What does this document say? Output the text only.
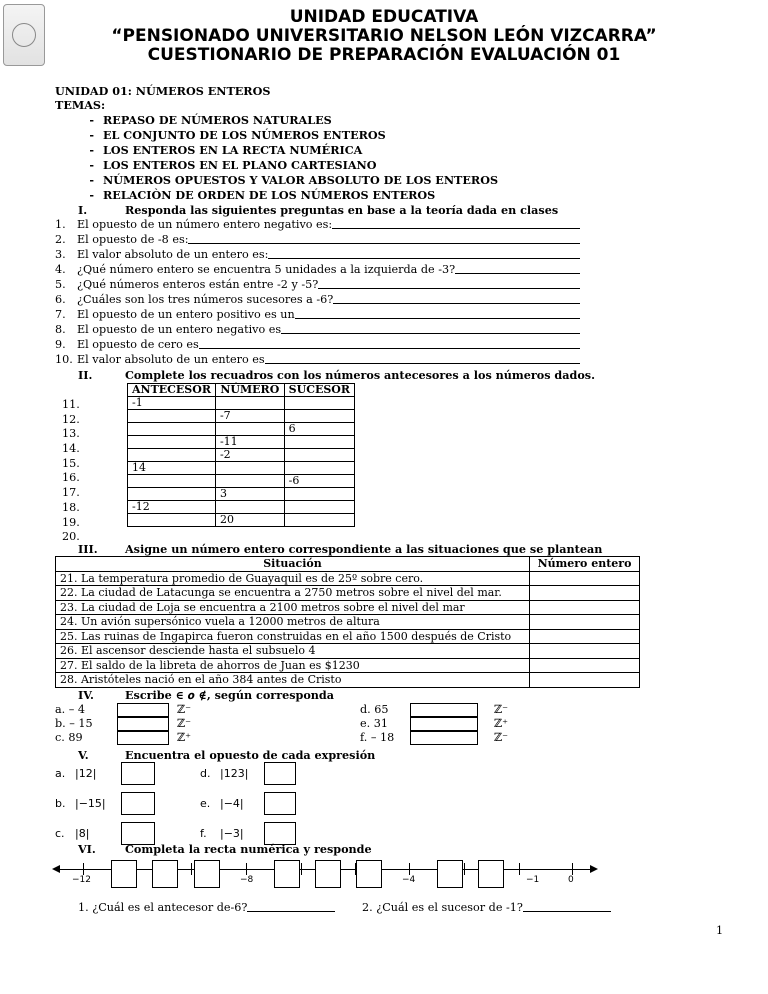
UNIDAD EDUCATIVA
“PENSIONADO UNIVERSITARIO NELSON LEÓN VIZCARRA”
CUESTIONARIO DE PREPARACIÓN EVALUACIÓN 01
UNIDAD 01: NÚMEROS ENTEROS
TEMAS:
- REPASO DE NÚMEROS NATURALES
- EL CONJUNTO DE LOS NÚMEROS ENTEROS
- LOS ENTEROS EN LA RECTA NUMÉRICA
- LOS ENTEROS EN EL PLANO CARTESIANO
- NÚMEROS OPUESTOS Y VALOR ABSOLUTO DE LOS ENTEROS
- RELACIÒN DE ORDEN DE LOS NÚMEROS ENTEROS
I.	Responda las siguientes preguntas en base a la teoría dada en clases
1.	El opuesto de un número entero negativo es:
2.	El opuesto de -8 es:
3.	El valor absoluto de un entero es:
4.	¿Qué número entero se encuentra 5 unidades a la izquierda de -3?
5.	¿Qué números enteros están entre -2 y -5?
6.	¿Cuáles son los tres números sucesores a -6?
7.	El opuesto de un entero positivo es un
8.	El opuesto de un entero negativo es
9.	El opuesto de cero es
10. El valor absoluto de un entero es
II.	Complete los recuadros con los números antecesores a los números dados.
11.
12.
13.
14.
15.
16.
17.
18.
19.
20.
ANTECESOR	NÚMERO	SUCESOR
-1		
	-7	
		6
	-11	
	-2	
14		
		-6
	3	
-12		
	20	
III. Asigne un número entero correspondiente a las situaciones que se plantean
Situación	Número entero
21. La temperatura promedio de Guayaquil es de 25º sobre cero.	
22. La ciudad de Latacunga se encuentra a 2750 metros sobre el nivel del mar.	
23. La ciudad de Loja se encuentra a 2100 metros sobre el nivel del mar	
24. Un avión supersónico vuela a 12000 metros de altura	
25. Las ruinas de Ingapirca fueron construidas en el año 1500 después de Cristo	
26. El ascensor desciende hasta el subsuelo 4	
27. El saldo de la libreta de ahorros de Juan es $1230	
28. Aristóteles nació en el año 384 antes de Cristo	
IV.	Escribe ∈ 𝒐 ∉, según corresponda
a. – 4	ℤ⁻
b. – 15	ℤ⁻
c. 89	ℤ⁺
d. 65	ℤ⁻
e. 31	ℤ⁺
f. – 18	ℤ⁻
V.	Encuentra el opuesto de cada expresión
a. |12|
b. |−15|
c. |8|
d. |123|
e. |−4|
f.	|−3|
VI.	Completa la recta numérica y responde
−12	−8	−4	−1	0
1. ¿Cuál es el antecesor de-6?	2. ¿Cuál es el sucesor de -1?
1
